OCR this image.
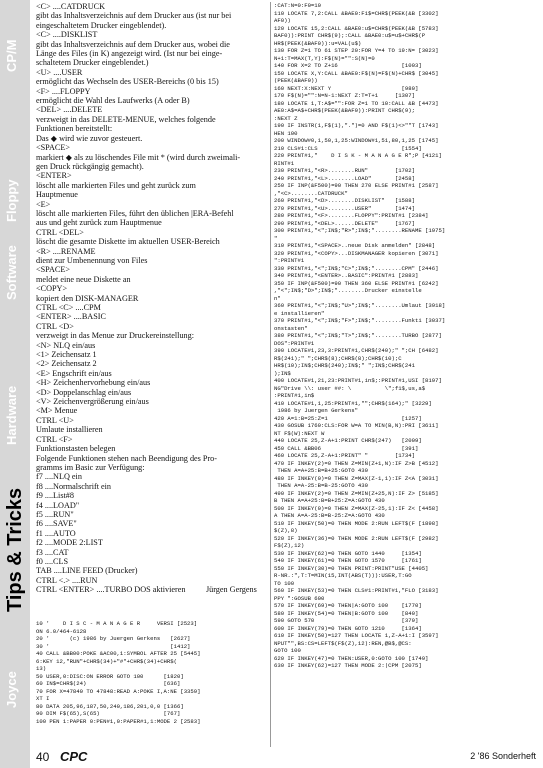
CP/M
Floppy
Software
Hardware
Tips & Tricks
Joyce
<C> ....CATDRUCK
gibt das Inhaltsverzeichnis auf dem Drucker aus (ist nur bei
eingeschaltetem Drucker eingeblendet).
<C> ....DISKLIST
gibt das Inhaltsverzeichnis auf dem Drucker aus, wobei die
Länge des Files (in K) angezeigt wird. (Ist nur bei einge-
schaltetem Drucker eingeblendet.)
<U> ....USER
ermöglicht das Wechseln des USER-Bereichs (0 bis 15)
<F> ....FLOPPY
ermöglicht die Wahl des Laufwerks (A oder B)
<DEL> ....DELETE
verzweigt in das DELETE-MENUE, welches folgende
Funktionen bereitstellt:
Das ◆ wird wie zuvor gesteuert.
<SPACE>
markiert ◆ als zu löschendes File mit * (wird durch zweimali-
gen Druck rückgängig gemacht).
<ENTER>
löscht alle markierten Files und geht zurück zum
Hauptmenue
<E>
löscht alle markierten Files, führt den üblichen |ERA-Befehl
aus und geht zurück zum Hauptmenue
CTRL <DEL>
löscht die gesamte Diskette im aktuellen USER-Bereich
<R> ....RENAME
dient zur Umbenennung von Files
<SPACE>
meldet eine neue Diskette an
<COPY>
kopiert den DISK-MANAGER
CTRL <C> ....CPM
<ENTER> ....BASIC
CTRL <D>
verzweigt in das Menue zur Druckereinstellung:
<N> NLQ ein/aus
<1> Zeichensatz 1
<2> Zeichensatz 2
<E> Engschrift ein/aus
<H> Zeichenhervorhebung ein/aus
<D> Doppelanschlag ein/aus
<V> Zeichenvergrößerung ein/aus
<M> Menue
CTRL <U>
Umlaute installieren
CTRL <F>
Funktionstasten belegen
Folgende Funktionen stehen nach Beendigung des Pro-
gramms im Basic zur Verfügung:
f7 ....NLQ ein
f8 ....Normalschrift ein
f9 ....List#8
f4 ....LOAD"
f5 ....RUN"
f6 ....SAVE"
f1 ....AUTO
f2 ....MODE 2:LIST
f3 ....CAT
f0 ....CLS
TAB ....LINE FEED (Drucker)
CTRL <.> ....RUN
CTRL <ENTER> ....TURBO DOS aktivieren          Jürgen Gergens
10 '    D I S C - M A N A G E R     VERSI [2523]
ON 6.0/464-6128
20 '      (c) 1986 by Juergen Gerkens   [2627]
30 '                                    [1412]
40 CALL &BB00:POKE &AC00,1:SYMBOL AFTER 25 [5445]
6:KEY 12,"RUN"+CHR$(34)+"#"+CHR$(34)+CHR$(
13)
50 USER,0:DISC:ON ERROR GOTO 100      [1820]
60 IN$=CHR$(24)                       [636]
70 FOR X=47840 TO 47848:READ A:POKE I,A:NE [3359]
XT I
80 DATA 205,96,187,50,240,186,201,0,0 [1366]
90 DIM F$(65),S(65)                   [767]
100 PEN 1:PAPER 0:PEN#1,0:PAPER#1,1:MODE 2 [2583]
:CAT:N=0:F0=10
110 LOCATE 7,2:CALL &BAE0:F1$=CHR$(PEEK(&B [3302]
AF0))
120 LOCATE 15,2:CALL &BAE0:u$=CHR$(PEEK(&B [5783]
BAF0)):PRINT CHR$(9);:CALL &BAE0:u$=u$+CHR$(P
HR$(PEEK(&BAF0)):u=VAL(u$)
130 FOR Z=1 TO 61 STEP 20:FOR Y=4 TO 19:N= [3023]
N+1:T=MAX(T,Y):F$(N)="":S(N)=0
140 FOR X=2 TO Z+16                   [1003]
150 LOCATE X,Y:CALL &BAE0:F$(N)=F$(N)+CHR$ [3045]
(PEEK(&BAF0))
160 NEXT:X:NEXT Y                     [980]
170 F$(N)="":N=N-1:NEXT Z:T=T+1     [1307]
180 LOCATE 1,T:A$="":FOR Z=1 TO 10:CALL &B [4473]
AE0:A$=A$+CHR$(PEEK(&BAF0)):PRINT CHR$(9);
:NEXT Z
190 IF INSTR(1,F$(1),".")=0 AND F$(1)<>""T [1743]
HEN 100
200 WINDOW#0,1,50,1,25:WINDOW#1,51,80,1,25 [1745]
210 CLS#1:CLS                         [1554]
220 PRINT#1,"    D I S K - M A N A G E R";P [4121]
RINT#1
230 PRINT#1,"<R>........RUN"        [1702]
240 PRINT#1,"<L>........LOAD"       [2458]
250 IF INP(&F500)=90 THEN 270 ELSE PRINT#1 [2587]
,"<C>........CATDRUCK"
260 PRINT#1,"<D>........DISKLIST"   [1588]
270 PRINT#1,"<U>........USER"       [1474]
280 PRINT#1,"<F>........FLOPPY":PRINT#1 [2384]
290 PRINT#1,"<DEL>......DELETE"     [1767]
300 PRINT#1,"<";IN$;"R>";IN$;"........RENAME [1975]
"
310 PRINT#1,"<SPACE>..neue Disk anmelden" [2848]
320 PRINT#1,"<COPY>...DISKMANAGER kopieren [3071]
":PRINT#1
330 PRINT#1,"<";IN$;"C>";IN$;"........CPM" [2446]
340 PRINT#1,"<ENTER>..BASIC":PRINT#1 [2883]
350 IF INP(&F500)=90 THEN 360 ELSE PRINT#1 [6242]
,"<";IN$;"D>";IN$;"........Drucker einstelle
n"
360 PRINT#1,"<";IN$;"U>";IN$;"........Umlaut [3918]
e installieren"
370 PRINT#1,"<";IN$;"F>";IN$;"........Funkti [3037]
onstasten"
380 PRINT#1,"<";IN$;"T>";IN$;"........TURBO [2877]
DOS":PRINT#1
390 LOCATE#1,23,3:PRINT#1,CHR$(240);" ";CH [6482]
R$(241);" ";CHR$(8);CHR$(8);CHR$(10);C
HR$(10);IN$;CHR$(240);IN$;" ";IN$;CHR$(241
);IN$
400 LOCATE#1,21,23:PRINT#1,in$;:PRINT#1,USI [8197]
NG"Drive \\: user ##: \          \";f1$,us,a$
:PRINT#1,in$
410 LOCATE#1,1,25:PRINT#1,"";CHR$(164);" [3229]
1986 by Juergen Gerkens"
420 A=1:B=25:Z=1                      [1257]
430 GOSUB 1760:CLS:FOR W=A TO MIN(B,N):PRI [3611]
NT F$(W):NEXT W
440 LOCATE 25,Z-A+1:PRINT CHR$(247)   [2009]
450 CALL &BB06                        [391]
460 LOCATE 25,Z-A+1:PRINT" "        [1734]
470 IF INKEY(2)=0 THEN Z=MIN(Z+1,N):IF Z>B [4512]
THEN A=A+25:B=B+25:GOTO 430
480 IF INKEY(0)=0 THEN Z=MAX(Z-1,1):IF Z<A [3031]
THEN A=A-25:B=B-25:GOTO 430
490 IF INKEY(2)=0 THEN Z=MIN(Z+25,N):IF Z> [5185]
B THEN A=A+25:B=B+25:Z=A:GOTO 430
500 IF INKEY(0)=0 THEN Z=MAX(Z-25,1):IF Z< [4458]
A THEN A=A-25:B=B-25:Z=A:GOTO 430
510 IF INKEY(50)=0 THEN MODE 2:RUN LEFT$(F [1898]
$(Z),8)
520 IF INKEY(36)=0 THEN MODE 2:RUN LEFT$(F [2982]
F$(Z),12)
530 IF INKEY(62)=0 THEN GOTO 1440     [1354]
540 IF INKEY(61)=0 THEN GOTO 1570     [1761]
550 IF INKEY(30)=0 THEN PRINT:PRINT"USE [4405]
R-NR.:",T:T=MIN(15,INT(ABS(T))):USER,T:GO
TO 100
560 IF INKEY(53)=0 THEN CLS#1:PRINT#1,"FLO [3183]
PPY ":GOSUB 600
570 IF INKEY(69)=0 THEN|A:GOTO 100    [1770]
580 IF INKEY(54)=0 THEN|B:GOTO 100    [840]
590 GOTO 570                          [379]
600 IF INKEY(79)=0 THEN GOTO 1210     [1364]
610 IF INKEY(50)=127 THEN LOCATE 1,Z-A+1:I [3597]
NPUT"",BS:CS=LEFT$(F$(Z),12):REN,@B$,@CS:
GOTO 100
620 IF INKEY(47)=0 THEN:USER,0:GOTO 100 [1749]
630 IF INKEY(62)=127 THEN MODE 2:|CPM [2075]
40 CPC	2 '86 Sonderheft
